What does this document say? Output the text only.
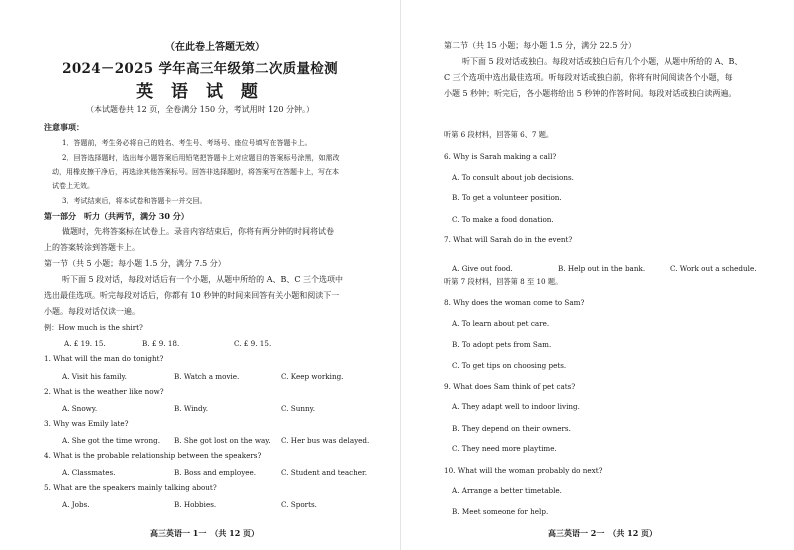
（在此卷上答题无效）
2024－2025 学年高三年级第二次质量检测
英 语 试 题
（本试题卷共 12 页，全卷满分 150 分，考试用时 120 分钟。）
注意事项：
1．答题前，考生务必将自己的姓名、考生号、考场号、座位号填写在答题卡上。
2．回答选择题时，选出每小题答案后用铅笔把答题卡上对应题目的答案标号涂黑，如需改
动，用橡皮擦干净后，再选涂其他答案标号。回答非选择题时，将答案写在答题卡上，写在本
试卷上无效。
3．考试结束后，将本试卷和答题卡一并交回。
第一部分　听力（共两节，满分 30 分）
做题时，先将答案标在试卷上。录音内容结束后，你将有两分钟的时间将试卷
上的答案转涂到答题卡上。
第一节（共 5 小题；每小题 1.5 分，满分 7.5 分）
听下面 5 段对话，每段对话后有一个小题，从题中所给的 A、B、C 三个选项中
选出最佳选项。听完每段对话后，你都有 10 秒钟的时间来回答有关小题和阅读下一
小题。每段对话仅读一遍。
例：How much is the shirt?
A. £ 19. 15.	B. £ 9. 18.	C. £ 9. 15.
1. What will the man do tonight?
A. Visit his family.	B. Watch a movie.	C. Keep working.
2. What is the weather like now?
A. Snowy.	B. Windy.	C. Sunny.
3. Why was Emily late?
A. She got the time wrong. B. She got lost on the way. C. Her bus was delayed.
4. What is the probable relationship between the speakers?
A. Classmates.	B. Boss and employee.	C. Student and teacher.
5. What are the speakers mainly talking about?
A. Jobs.	B. Hobbies.	C. Sports.
高三英语一 1一　（共 12 页）
第二节（共 15 小题；每小题 1.5 分，满分 22.5 分）
听下面 5 段对话或独白。每段对话或独白后有几个小题，从题中所给的 A、B、
C 三个选项中选出最佳选项。听每段对话或独白前，你将有时间阅读各个小题，每
小题 5 秒钟；听完后，各小题将给出 5 秒钟的作答时间。每段对话或独白读两遍。
听第 6 段材料，回答第 6、7 题。
6. Why is Sarah making a call?
A. To consult about job decisions.
B. To get a volunteer position.
C. To make a food donation.
7. What will Sarah do in the event?
听第 7 段材料，回答第 8 至 10 题。
8. Why does the woman come to Sam?
A. To learn about pet care.
B. To adopt pets from Sam.
C. To get tips on choosing pets.
9. What does Sam think of pet cats?
A. They adapt well to indoor living.
B. They depend on their owners.
C. They need more playtime.
10. What will the woman probably do next?
A. Arrange a better timetable.
B. Meet someone for help.
A. Give out food.	B. Help out in the bank.	C. Work out a schedule.
高三英语一 2一　（共 12 页）
